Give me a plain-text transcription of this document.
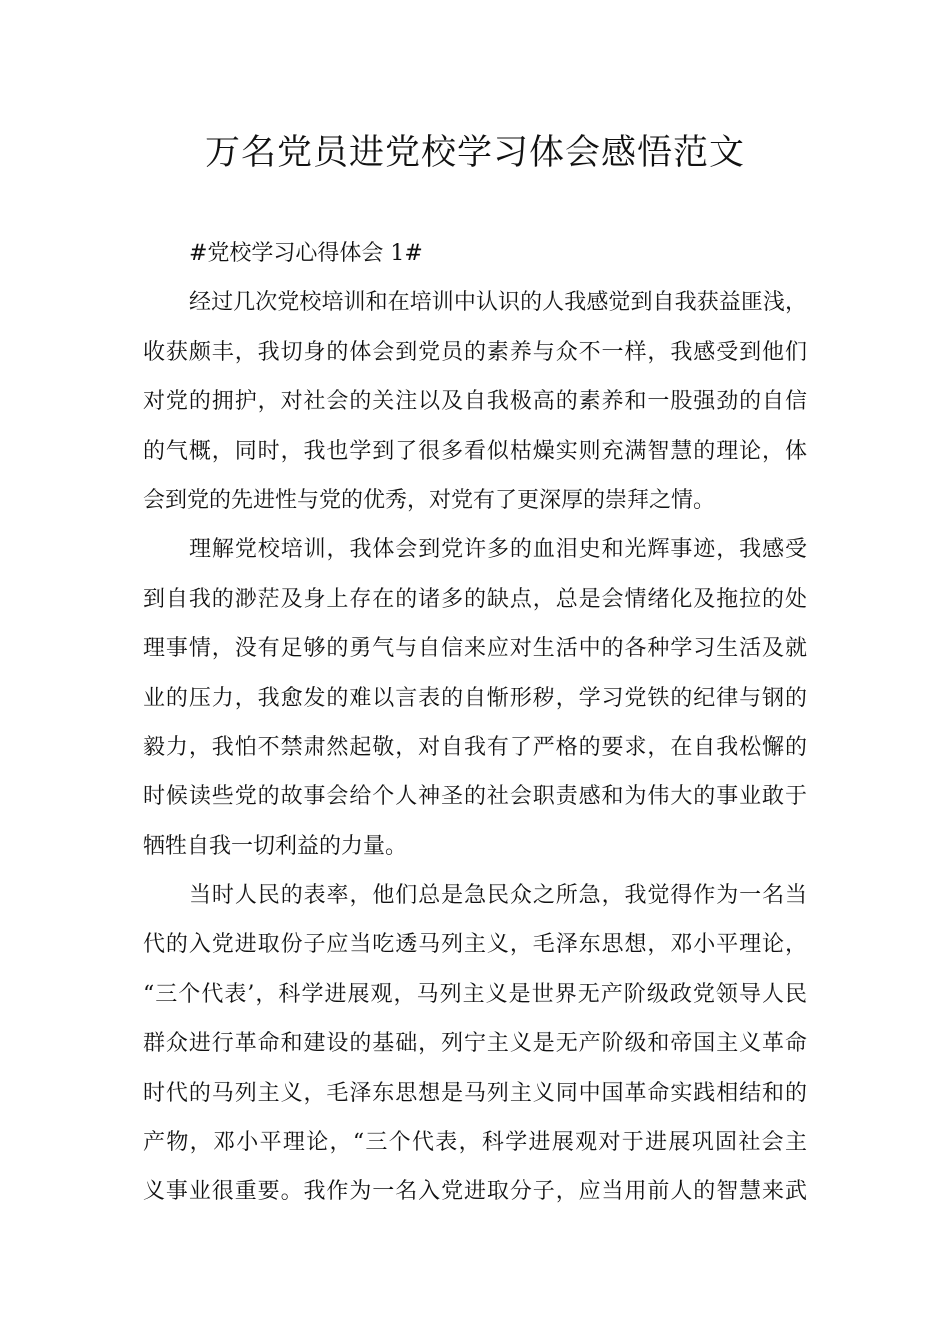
万名党员进党校学习体会感悟范文

#党校学习心得体会 1#

经过几次党校培训和在培训中认识的人我感觉到自我获益匪浅，

收获颇丰，我切身的体会到党员的素养与众不一样，我感受到他们

对党的拥护，对社会的关注以及自我极高的素养和一股强劲的自信

的气概，同时，我也学到了很多看似枯燥实则充满智慧的理论，体

会到党的先进性与党的优秀，对党有了更深厚的崇拜之情。

理解党校培训，我体会到党许多的血泪史和光辉事迹，我感受

到自我的渺茫及身上存在的诸多的缺点，总是会情绪化及拖拉的处

理事情，没有足够的勇气与自信来应对生活中的各种学习生活及就

业的压力，我愈发的难以言表的自惭形秽，学习党铁的纪律与钢的

毅力，我怕不禁肃然起敬，对自我有了严格的要求，在自我松懈的

时候读些党的故事会给个人神圣的社会职责感和为伟大的事业敢于

牺牲自我一切利益的力量。

当时人民的表率，他们总是急民众之所急，我觉得作为一名当

代的入党进取份子应当吃透马列主义，毛泽东思想，邓小平理论，

“三个代表’，科学进展观，马列主义是世界无产阶级政党领导人民

群众进行革命和建设的基础，列宁主义是无产阶级和帝国主义革命

时代的马列主义，毛泽东思想是马列主义同中国革命实践相结和的

产物，邓小平理论，“三个代表，科学进展观对于进展巩固社会主

义事业很重要。我作为一名入党进取分子，应当用前人的智慧来武
